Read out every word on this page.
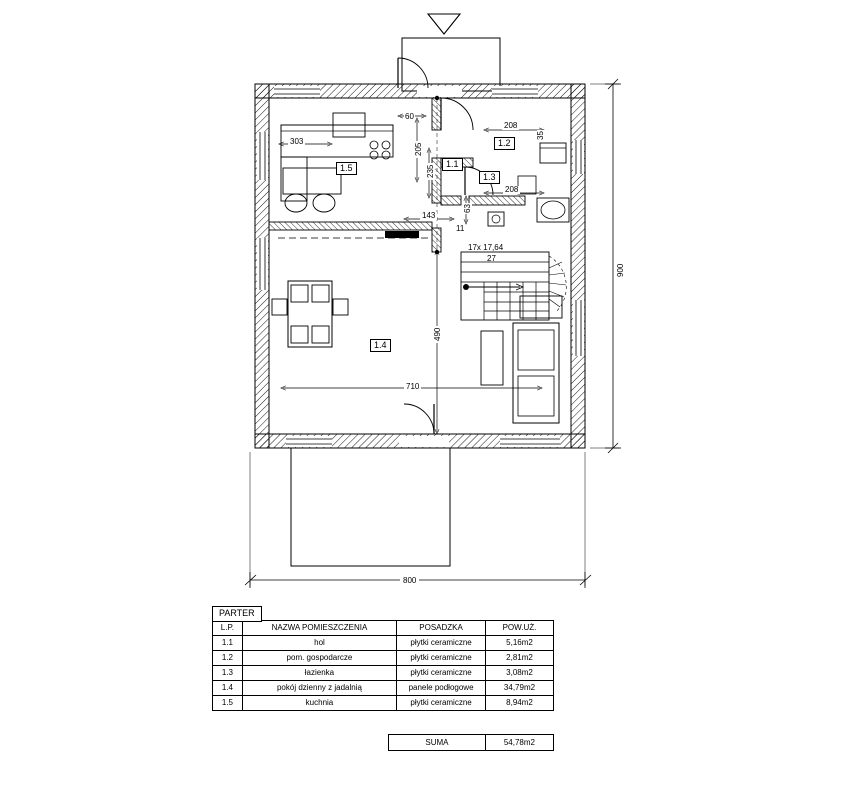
800
900
710
490
303
205
235
60
208
35
208
143
63
11
17x 17,64
27
1.1
1.2
1.3
1.4
1.5
PARTER
L.P.	NAZWA POMIESZCZENIA	POSADZKA	POW.UŻ.
1.1	hol	płytki ceramiczne	5,16m2
1.2	pom. gospodarcze	płytki ceramiczne	2,81m2
1.3	łazienka	płytki ceramiczne	3,08m2
1.4	pokój dzienny z jadalnią	panele podłogowe	34,79m2
1.5	kuchnia	płytki ceramiczne	8,94m2
SUMA	54,78m2
